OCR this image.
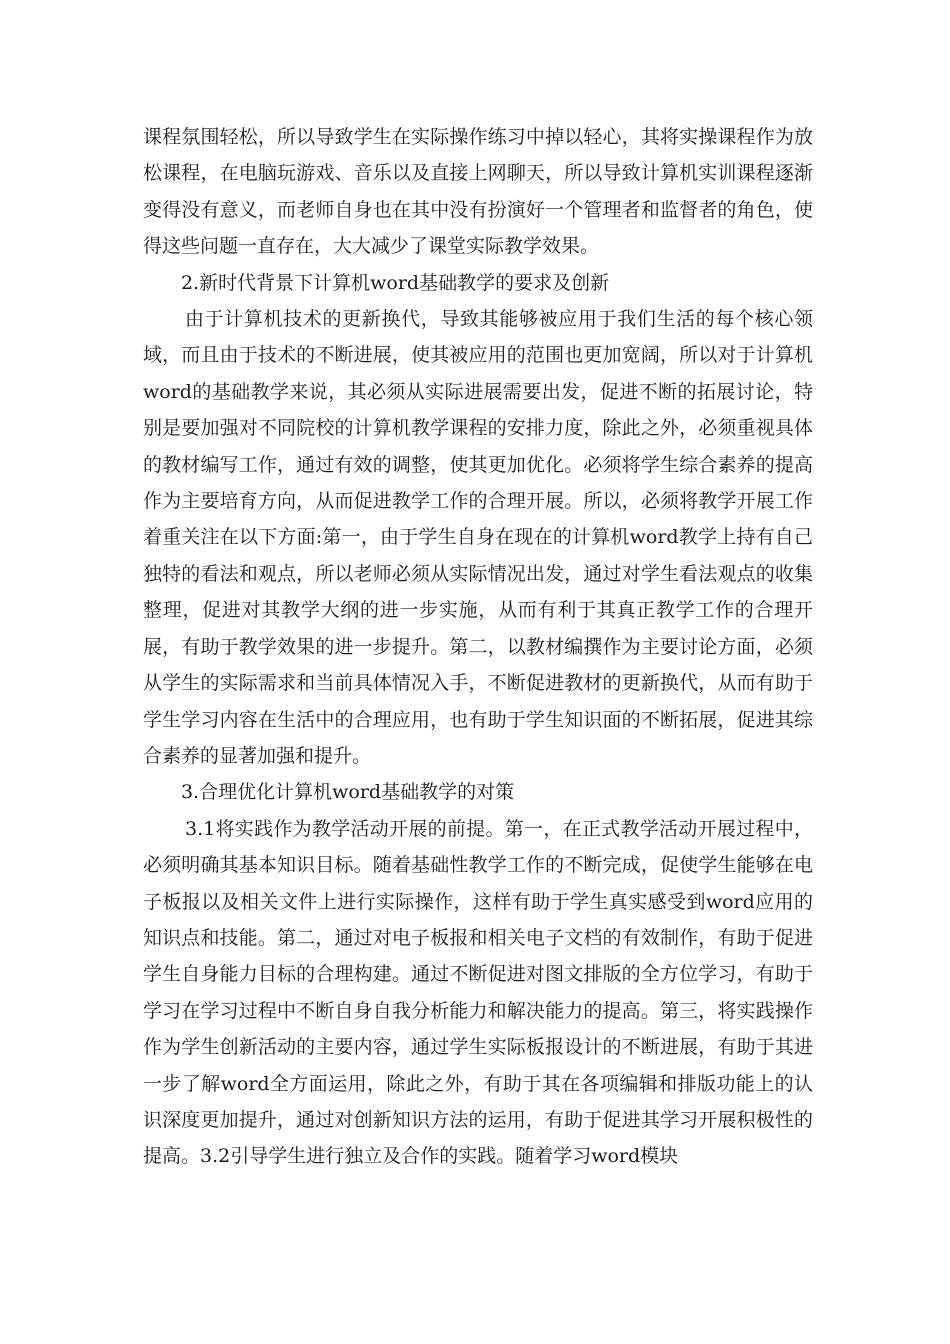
课程氛围轻松，所以导致学生在实际操作练习中掉以轻心，其将实操课程作为放松课程，在电脑玩游戏、音乐以及直接上网聊天，所以导致计算机实训课程逐渐变得没有意义，而老师自身也在其中没有扮演好一个管理者和监督者的角色，使得这些问题一直存在，大大减少了课堂实际教学效果。

2.新时代背景下计算机word基础教学的要求及创新

由于计算机技术的更新换代，导致其能够被应用于我们生活的每个核心领域，而且由于技术的不断进展，使其被应用的范围也更加宽阔，所以对于计算机word的基础教学来说，其必须从实际进展需要出发，促进不断的拓展讨论，特别是要加强对不同院校的计算机教学课程的安排力度，除此之外，必须重视具体的教材编写工作，通过有效的调整，使其更加优化。必须将学生综合素养的提高作为主要培育方向，从而促进教学工作的合理开展。所以，必须将教学开展工作着重关注在以下方面:第一，由于学生自身在现在的计算机word教学上持有自己独特的看法和观点，所以老师必须从实际情况出发，通过对学生看法观点的收集整理，促进对其教学大纲的进一步实施，从而有利于其真正教学工作的合理开展，有助于教学效果的进一步提升。第二，以教材编撰作为主要讨论方面，必须从学生的实际需求和当前具体情况入手，不断促进教材的更新换代，从而有助于学生学习内容在生活中的合理应用，也有助于学生知识面的不断拓展，促进其综合素养的显著加强和提升。

3.合理优化计算机word基础教学的对策

3.1将实践作为教学活动开展的前提。第一，在正式教学活动开展过程中，必须明确其基本知识目标。随着基础性教学工作的不断完成，促使学生能够在电子板报以及相关文件上进行实际操作，这样有助于学生真实感受到word应用的知识点和技能。第二，通过对电子板报和相关电子文档的有效制作，有助于促进学生自身能力目标的合理构建。通过不断促进对图文排版的全方位学习，有助于学习在学习过程中不断自身自我分析能力和解决能力的提高。第三，将实践操作作为学生创新活动的主要内容，通过学生实际板报设计的不断进展，有助于其进一步了解word全方面运用，除此之外，有助于其在各项编辑和排版功能上的认识深度更加提升，通过对创新知识方法的运用，有助于促进其学习开展积极性的提高。3.2引导学生进行独立及合作的实践。随着学习word模块
